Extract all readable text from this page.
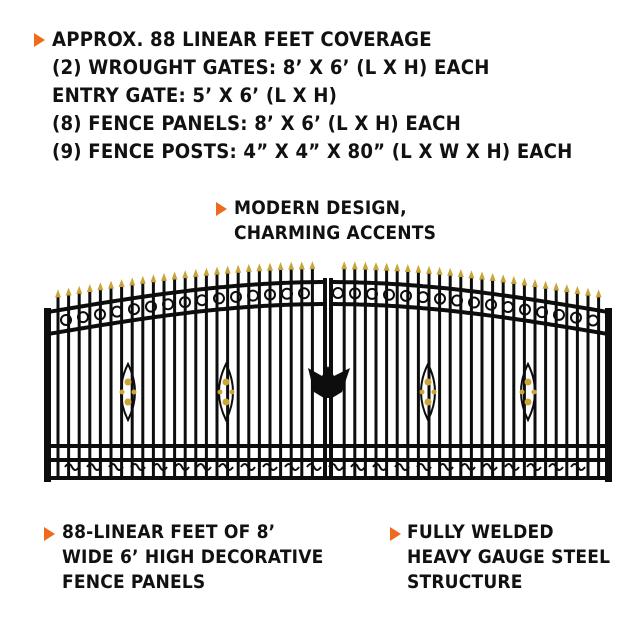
APPROX. 88 LINEAR FEET COVERAGE
(2) WROUGHT GATES: 8’ X 6’ (L X H) EACH
ENTRY GATE: 5’ X 6’ (L X H)
(8) FENCE PANELS: 8’ X 6’ (L X H) EACH
(9) FENCE POSTS: 4” X 4” X 80” (L X W X H) EACH
MODERN DESIGN,
CHARMING ACCENTS
88-LINEAR FEET OF 8’
WIDE 6’ HIGH DECORATIVE
FENCE PANELS
FULLY WELDED
HEAVY GAUGE STEEL
STRUCTURE
